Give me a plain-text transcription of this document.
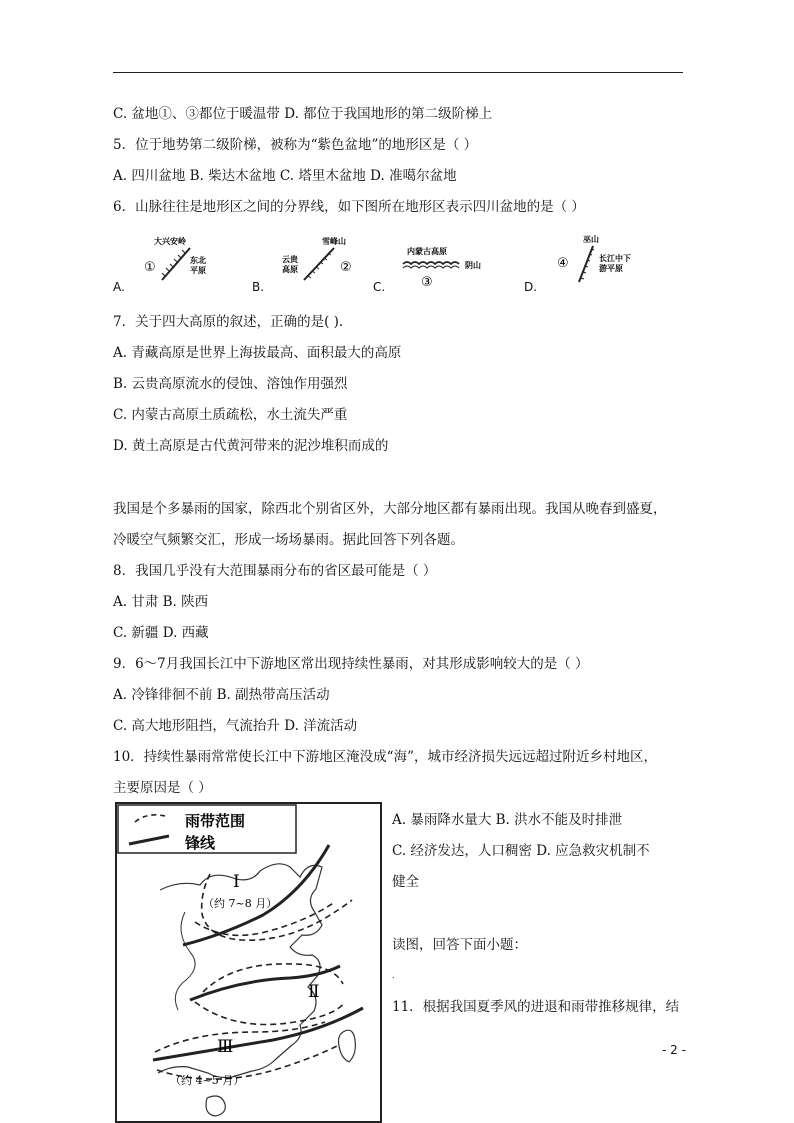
C. 盆地①、③都位于暖温带 D. 都位于我国地形的第二级阶梯上
5．位于地势第二级阶梯，被称为“紫色盆地”的地形区是（ ）
A. 四川盆地 B. 柴达木盆地 C. 塔里木盆地 D. 准噶尔盆地
6．山脉往往是地形区之间的分界线，如下图所在地形区表示四川盆地的是（ ）
A.	B.	C.	D.
大兴安岭
①	东北
平原
雪峰山
云贵
高原	②
内蒙古高原
阴山
③
巫山
④	长江中下
游平原
7．关于四大高原的叙述，正确的是( ).
A. 青藏高原是世界上海拔最高、面积最大的高原
B. 云贵高原流水的侵蚀、溶蚀作用强烈
C. 内蒙古高原土质疏松，水土流失严重
D. 黄土高原是古代黄河带来的泥沙堆积而成的
我国是个多暴雨的国家，除西北个别省区外，大部分地区都有暴雨出现。我国从晚春到盛夏，
冷暖空气频繁交汇，形成一场场暴雨。据此回答下列各题。
8．我国几乎没有大范围暴雨分布的省区最可能是（ ）
A. 甘肃 B. 陕西
C. 新疆 D. 西藏
9．6～7月我国长江中下游地区常出现持续性暴雨，对其形成影响较大的是（ ）
A. 冷锋徘徊不前 B. 副热带高压活动
C. 高大地形阻挡，气流抬升 D. 洋流活动
10．持续性暴雨常常使长江中下游地区淹没成“海”，城市经济损失远远超过附近乡村地区，
主要原因是（ ）
A. 暴雨降水量大 B. 洪水不能及时排泄
C. 经济发达，人口稠密 D. 应急救灾机制不
健全
读图，回答下面小题：
.
11．根据我国夏季风的进退和雨带推移规律，结
雨带范围
锋线
Ⅰ
（约 7~8 月）
Ⅱ
Ⅲ
（约 4~5 月）
- 2 -
